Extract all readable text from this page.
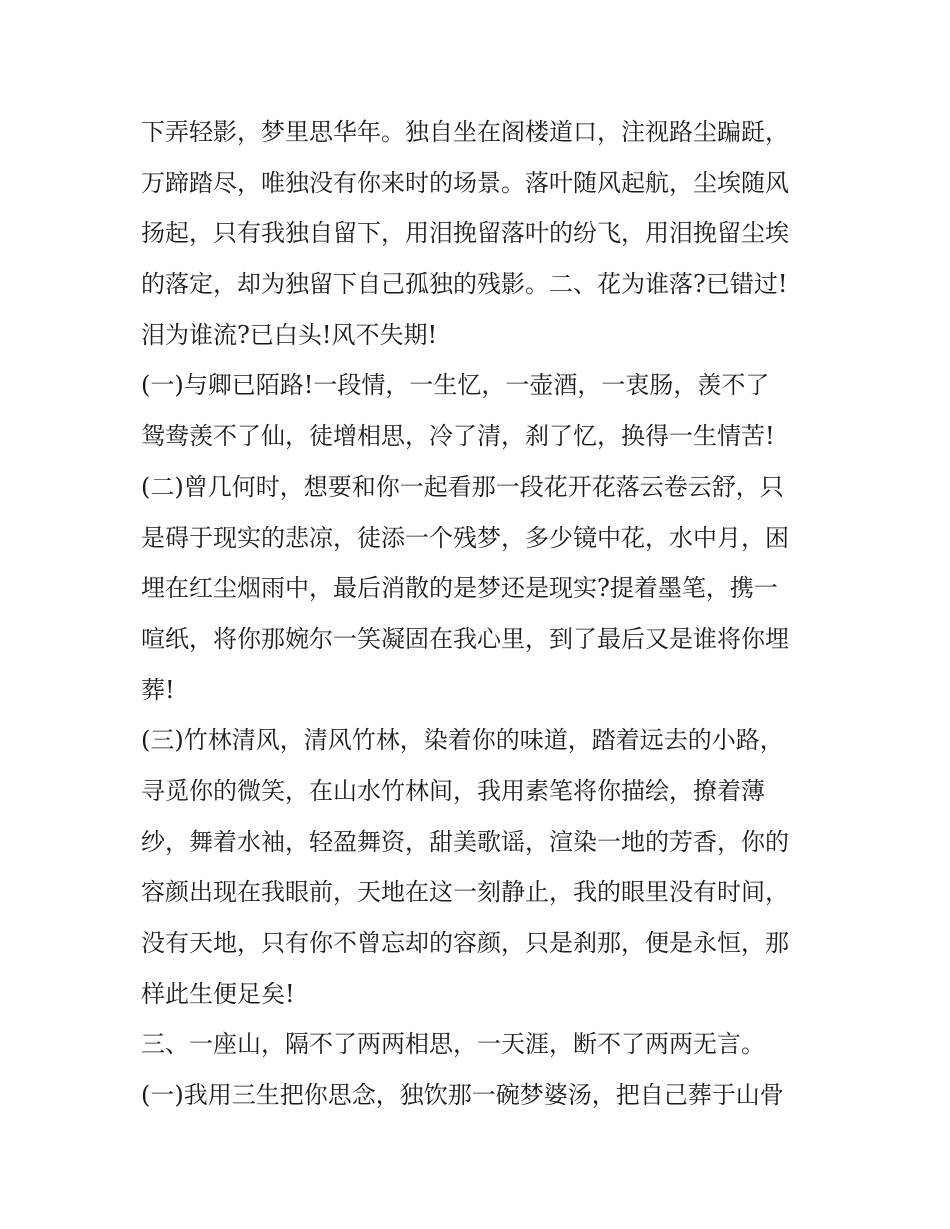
下弄轻影，梦里思华年。独自坐在阁楼道口，注视路尘蹁跹，
万蹄踏尽，唯独没有你来时的场景。落叶随风起航，尘埃随风
扬起，只有我独自留下，用泪挽留落叶的纷飞，用泪挽留尘埃
的落定，却为独留下自己孤独的残影。二、花为谁落?已错过!
泪为谁流?已白头!风不失期!
(一)与卿已陌路!一段情，一生忆，一壶酒，一衷肠，羡不了
鸳鸯羡不了仙，徒增相思，冷了清，刹了忆，换得一生情苦!
(二)曾几何时，想要和你一起看那一段花开花落云卷云舒，只
是碍于现实的悲凉，徒添一个残梦，多少镜中花，水中月，困
埋在红尘烟雨中，最后消散的是梦还是现实?提着墨笔，携一
喧纸，将你那婉尔一笑凝固在我心里，到了最后又是谁将你埋
葬!
(三)竹林清风，清风竹林，染着你的味道，踏着远去的小路，
寻觅你的微笑，在山水竹林间，我用素笔将你描绘，撩着薄
纱，舞着水袖，轻盈舞资，甜美歌谣，渲染一地的芳香，你的
容颜出现在我眼前，天地在这一刻静止，我的眼里没有时间，
没有天地，只有你不曾忘却的容颜，只是刹那，便是永恒，那
样此生便足矣!
三、一座山，隔不了两两相思，一天涯，断不了两两无言。
(一)我用三生把你思念，独饮那一碗梦婆汤，把自己葬于山骨
